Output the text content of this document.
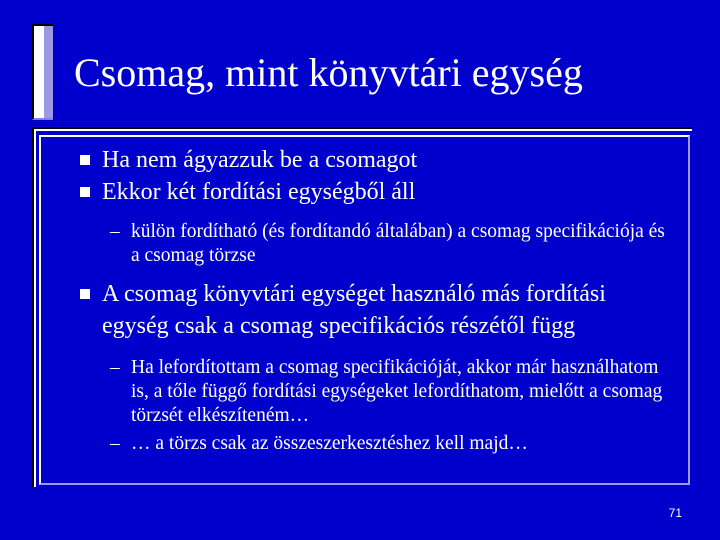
Csomag, mint könyvtári egység
Ha nem ágyazzuk be a csomagot
Ekkor két fordítási egységből áll
– külön fordítható (és fordítandó általában) a csomag specifikációja és a csomag törzse
A csomag könyvtári egységet használó más fordítási egység csak a csomag specifikációs részétől függ
– Ha lefordítottam a csomag specifikációját, akkor már használhatom is, a tőle függő fordítási egységeket lefordíthatom, mielőtt a csomag törzsét elkészíteném…
– … a törzs csak az összeszerkesztéshez kell majd…
71
